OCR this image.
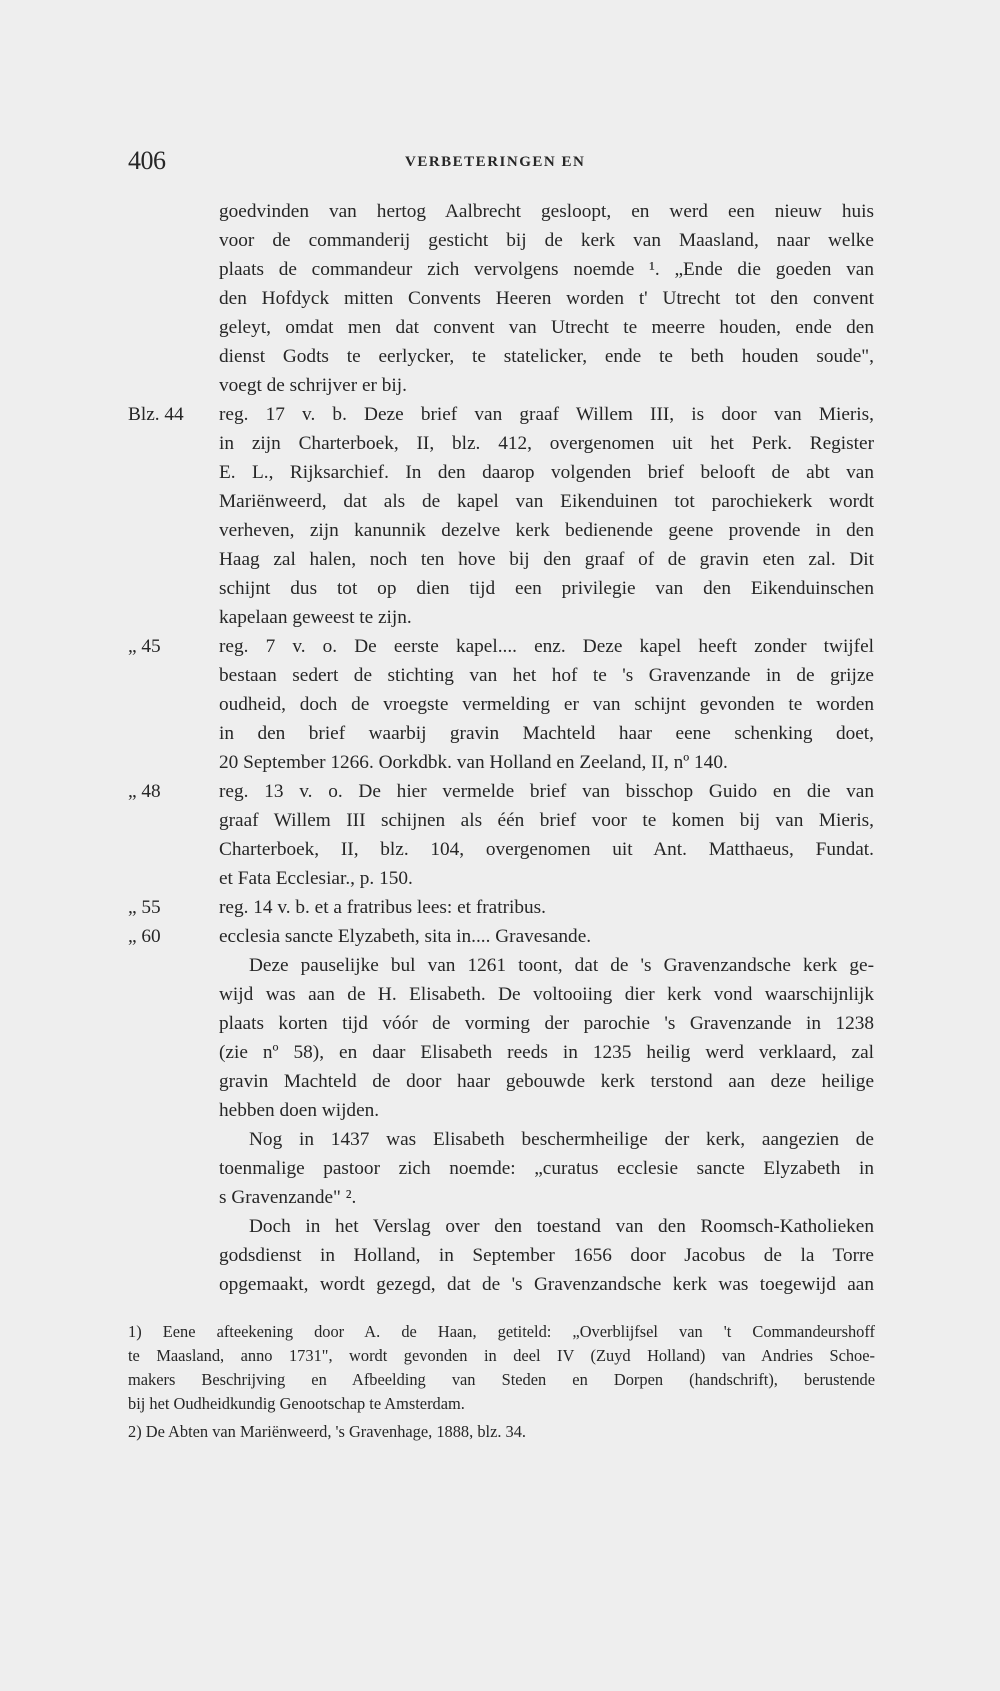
406	VERBETERINGEN EN
goedvinden van hertog Aalbrecht gesloopt, en werd een nieuw huis
voor de commanderij gesticht bij de kerk van Maasland, naar welke
plaats de commandeur zich vervolgens noemde ¹. „Ende die goeden van
den Hofdyck mitten Convents Heeren worden t' Utrecht tot den convent
geleyt, omdat men dat convent van Utrecht te meerre houden, ende den
dienst Godts te eerlycker, te statelicker, ende te beth houden soude",
voegt de schrijver er bij.
Blz. 44	reg. 17 v. b. Deze brief van graaf Willem III, is door van Mieris,
in zijn Charterboek, II, blz. 412, overgenomen uit het Perk. Register
E. L., Rijksarchief. In den daarop volgenden brief belooft de abt van
Mariënweerd, dat als de kapel van Eikenduinen tot parochiekerk wordt
verheven, zijn kanunnik dezelve kerk bedienende geene provende in den
Haag zal halen, noch ten hove bij den graaf of de gravin eten zal. Dit
schijnt dus tot op dien tijd een privilegie van den Eikenduinschen
kapelaan geweest te zijn.
„ 45	reg. 7 v. o. De eerste kapel.... enz. Deze kapel heeft zonder twijfel
bestaan sedert de stichting van het hof te 's Gravenzande in de grijze
oudheid, doch de vroegste vermelding er van schijnt gevonden te worden
in den brief waarbij gravin Machteld haar eene schenking doet,
20 September 1266. Oorkdbk. van Holland en Zeeland, II, nº 140.
„ 48	reg. 13 v. o. De hier vermelde brief van bisschop Guido en die van
graaf Willem III schijnen als één brief voor te komen bij van Mieris,
Charterboek, II, blz. 104, overgenomen uit Ant. Matthaeus, Fundat.
et Fata Ecclesiar., p. 150.
„ 55	reg. 14 v. b. et a fratribus lees: et fratribus.
„ 60	ecclesia sancte Elyzabeth, sita in.... Gravesande.
Deze pauselijke bul van 1261 toont, dat de 's Gravenzandsche kerk ge-
wijd was aan de H. Elisabeth. De voltooiing dier kerk vond waarschijnlijk
plaats korten tijd vóór de vorming der parochie 's Gravenzande in 1238
(zie nº 58), en daar Elisabeth reeds in 1235 heilig werd verklaard, zal
gravin Machteld de door haar gebouwde kerk terstond aan deze heilige
hebben doen wijden.
Nog in 1437 was Elisabeth beschermheilige der kerk, aangezien de
toenmalige pastoor zich noemde: „curatus ecclesie sancte Elyzabeth in
s Gravenzande" ².
Doch in het Verslag over den toestand van den Roomsch-Katholieken
godsdienst in Holland, in September 1656 door Jacobus de la Torre
opgemaakt, wordt gezegd, dat de 's Gravenzandsche kerk was toegewijd aan
1) Eene afteekening door A. de Haan, getiteld: „Overblijfsel van 't Commandeurshoff
te Maasland, anno 1731", wordt gevonden in deel IV (Zuyd Holland) van Andries Schoe-
makers Beschrijving en Afbeelding van Steden en Dorpen (handschrift), berustende
bij het Oudheidkundig Genootschap te Amsterdam.
2) De Abten van Mariënweerd, 's Gravenhage, 1888, blz. 34.
